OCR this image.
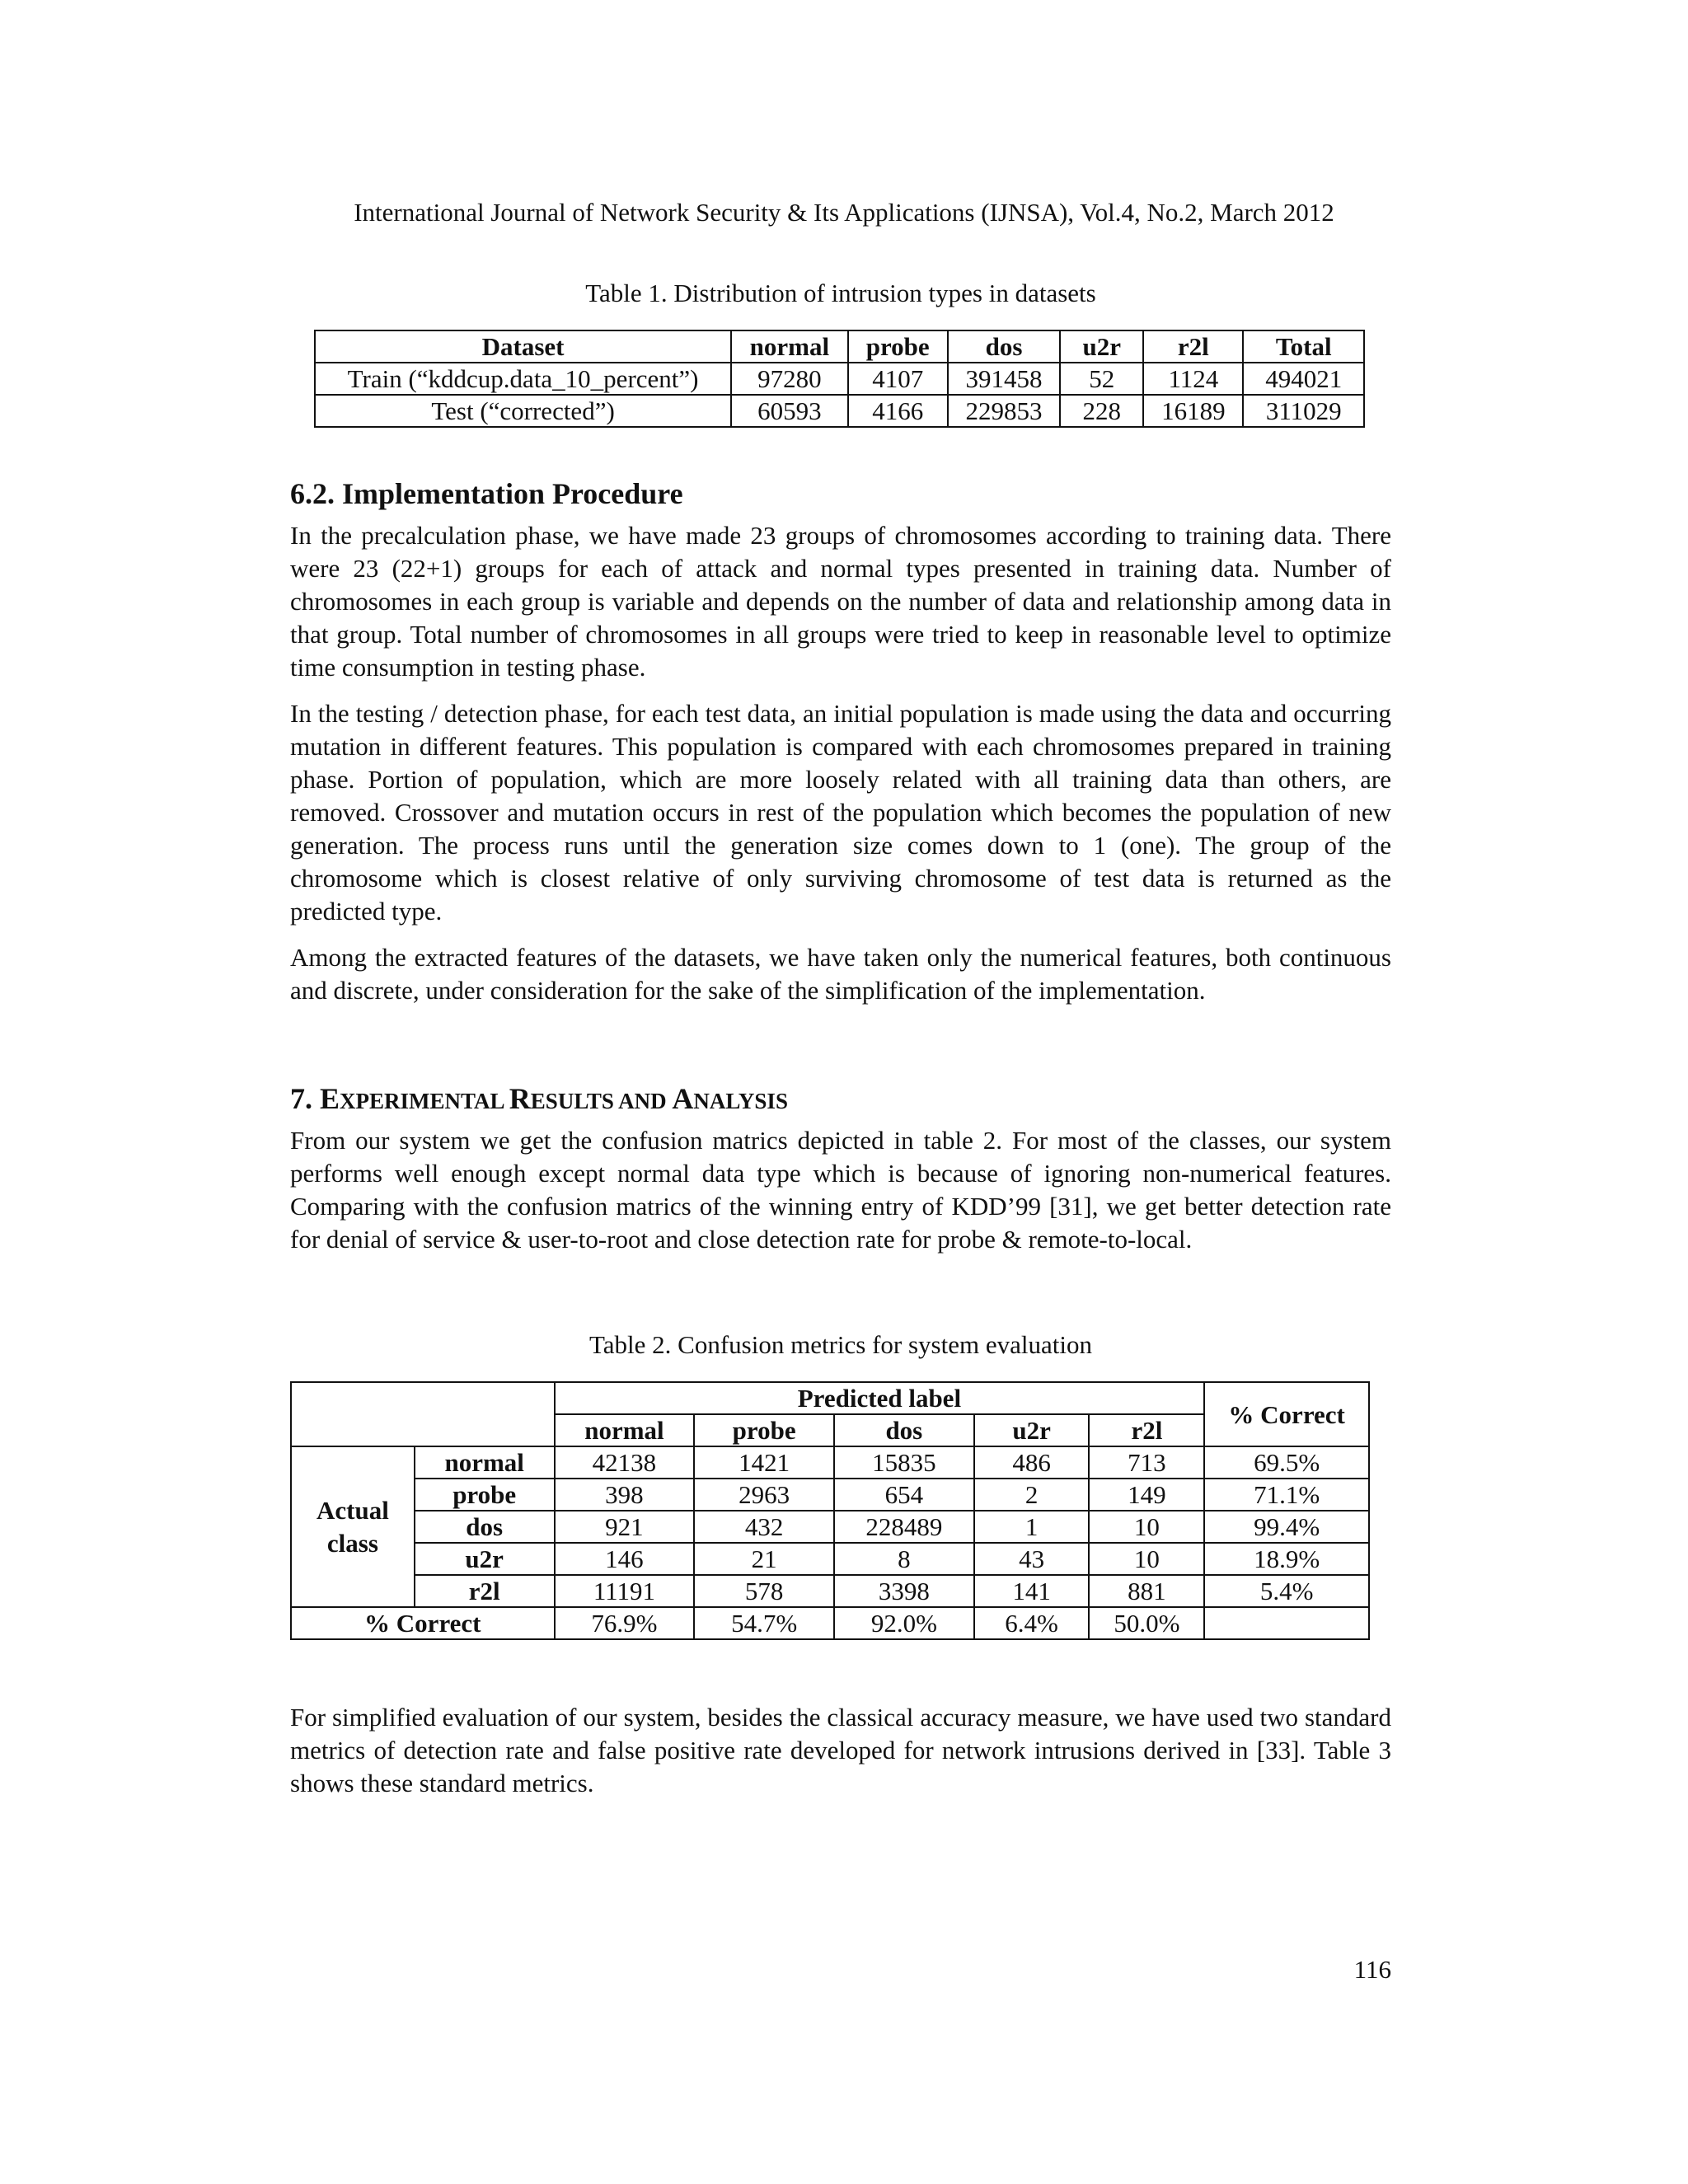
International Journal of Network Security & Its Applications (IJNSA), Vol.4, No.2, March 2012
Table 1. Distribution of intrusion types in datasets
Dataset	normal	probe	dos	u2r	r2l	Total
Train (“kddcup.data_10_percent”)	97280	4107	391458	52	1124	494021
Test (“corrected”)	60593	4166	229853	228	16189	311029
6.2. Implementation Procedure

In the precalculation phase, we have made 23 groups of chromosomes according to training data. There were 23 (22+1) groups for each of attack and normal types presented in training data. Number of chromosomes in each group is variable and depends on the number of data and relationship among data in that group. Total number of chromosomes in all groups were tried to keep in reasonable level to optimize time consumption in testing phase.

In the testing / detection phase, for each test data, an initial population is made using the data and occurring mutation in different features. This population is compared with each chromosomes prepared in training phase. Portion of population, which are more loosely related with all training data than others, are removed. Crossover and mutation occurs in rest of the population which becomes the population of new generation. The process runs until the generation size comes down to 1 (one). The group of the chromosome which is closest relative of only surviving chromosome of test data is returned as the predicted type.

Among the extracted features of the datasets, we have taken only the numerical features, both continuous and discrete, under consideration for the sake of the simplification of the implementation.

7. EXPERIMENTAL RESULTS AND ANALYSIS

From our system we get the confusion matrics depicted in table 2. For most of the classes, our system performs well enough except normal data type which is because of ignoring non-numerical features. Comparing with the confusion matrics of the winning entry of KDD’99 [31], we get better detection rate for denial of service & user-to-root and close detection rate for probe & remote-to-local.

Table 2. Confusion metrics for system evaluation
		Predicted label					% Correct
		normal	probe	dos	u2r	r2l	
Actual class	normal	42138	1421	15835	486	713	69.5%
	probe	398	2963	654	2	149	71.1%
	dos	921	432	228489	1	10	99.4%
	u2r	146	21	8	43	10	18.9%
	r2l	11191	578	3398	141	881	5.4%
% Correct		76.9%	54.7%	92.0%	6.4%	50.0%	

For simplified evaluation of our system, besides the classical accuracy measure, we have used two standard metrics of detection rate and false positive rate developed for network intrusions derived in [33]. Table 3 shows these standard metrics.

116
